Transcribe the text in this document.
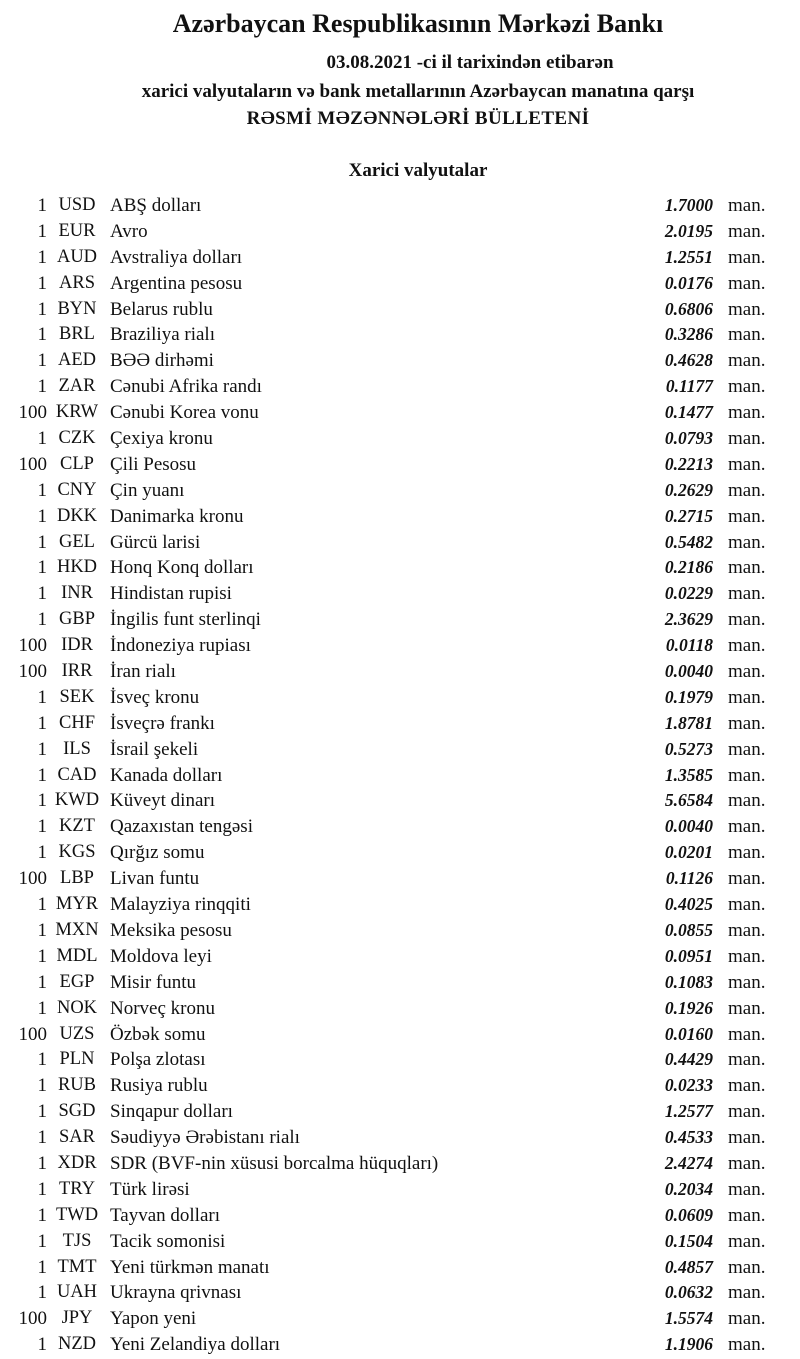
Azərbaycan Respublikasının Mərkəzi Bankı
03.08.2021 -ci il tarixindən etibarən
xarici valyutaların və bank metallarının Azərbaycan manatına qarşı
RƏSMİ MƏZƏNNƏLƏRİ BÜLLETENİ
Xarici valyutalar
1 USD ABŞ dolları	1.7000 man.
1 EUR Avro	2.0195 man.
1 AUD Avstraliya dolları	1.2551 man.
1 ARS Argentina pesosu	0.0176 man.
1 BYN Belarus rublu	0.6806 man.
1 BRL Braziliya rialı	0.3286 man.
1 AED BƏƏ dirhəmi	0.4628 man.
1 ZAR Cənubi Afrika randı	0.1177 man.
100 KRW Cənubi Korea vonu	0.1477 man.
1 CZK Çexiya kronu	0.0793 man.
100 CLP Çili Pesosu	0.2213 man.
1 CNY Çin yuanı	0.2629 man.
1 DKK Danimarka kronu	0.2715 man.
1 GEL Gürcü larisi	0.5482 man.
1 HKD Honq Konq dolları	0.2186 man.
1 INR Hindistan rupisi	0.0229 man.
1 GBP İngilis funt sterlinqi	2.3629 man.
100 IDR İndoneziya rupiası	0.0118 man.
100 IRR İran rialı	0.0040 man.
1 SEK İsveç kronu	0.1979 man.
1 CHF İsveçrə frankı	1.8781 man.
1 ILS	İsrail şekeli	0.5273 man.
1 CAD Kanada dolları	1.3585 man.
1 KWD Küveyt dinarı	5.6584 man.
1 KZT Qazaxıstan tengəsi	0.0040 man.
1 KGS Qırğız somu	0.0201 man.
100 LBP Livan funtu	0.1126 man.
1 MYR Malayziya rinqqiti	0.4025 man.
1 MXN Meksika pesosu	0.0855 man.
1 MDL Moldova leyi	0.0951 man.
1 EGP Misir funtu	0.1083 man.
1 NOK Norveç kronu	0.1926 man.
100 UZS Özbək somu	0.0160 man.
1 PLN Polşa zlotası	0.4429 man.
1 RUB Rusiya rublu	0.0233 man.
1 SGD Sinqapur dolları	1.2577 man.
1 SAR Səudiyyə Ərəbistanı rialı	0.4533 man.
1 XDR SDR (BVF-nin xüsusi borcalma hüquqları)	2.4274 man.
1 TRY Türk lirəsi	0.2034 man.
1 TWD Tayvan dolları	0.0609 man.
1 TJS Tacik somonisi	0.1504 man.
1 TMT Yeni türkmən manatı	0.4857 man.
1 UAH Ukrayna qrivnası	0.0632 man.
100 JPY Yapon yeni	1.5574 man.
1 NZD Yeni Zelandiya dolları	1.1906 man.
